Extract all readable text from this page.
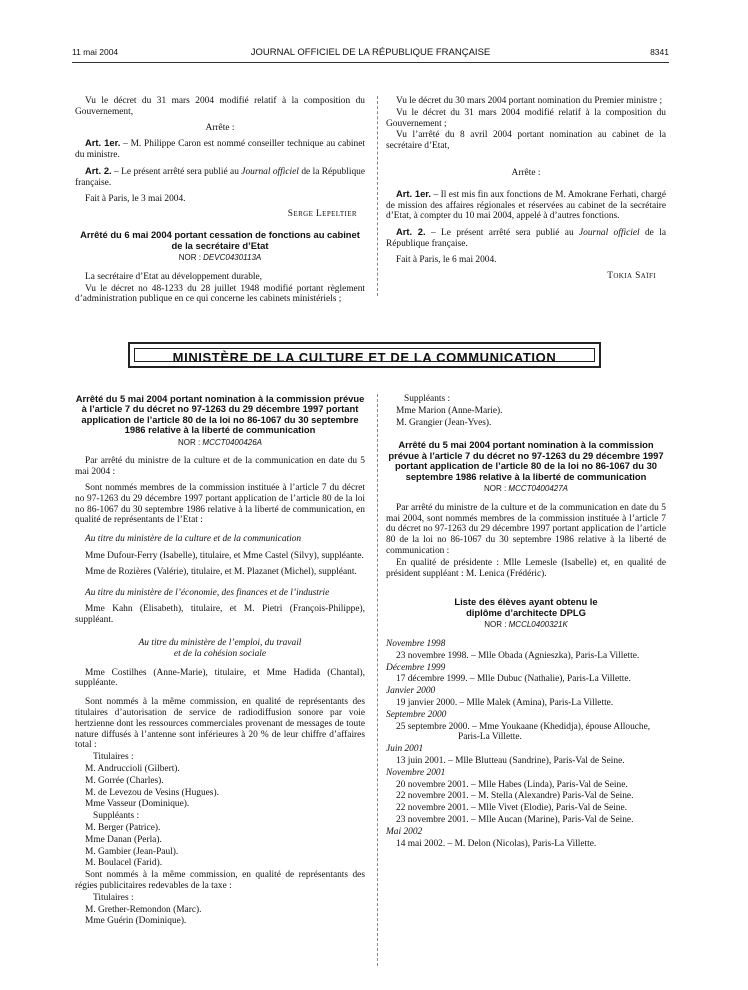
11 mai 2004	JOURNAL OFFICIEL DE LA RÉPUBLIQUE FRANÇAISE	8341

Vu le décret du 31 mars 2004 modifié relatif à la composition du Gouvernement,

Arrête :

Art. 1er. – M. Philippe Caron est nommé conseiller technique au cabinet du ministre.

Art. 2. – Le présent arrêté sera publié au Journal officiel de la République française.

Fait à Paris, le 3 mai 2004.

Serge Lepeltier

Arrêté du 6 mai 2004 portant cessation de fonctions au cabinet de la secrétaire d’Etat
NOR : DEVC0430113A

La secrétaire d’Etat au développement durable,

Vu le décret no 48-1233 du 28 juillet 1948 modifié portant règlement d’administration publique en ce qui concerne les cabinets ministériels ;

Vu le décret du 30 mars 2004 portant nomination du Premier ministre ;

Vu le décret du 31 mars 2004 modifié relatif à la composition du Gouvernement ;

Vu l’arrêté du 8 avril 2004 portant nomination au cabinet de la secrétaire d’Etat,

Arrête :

Art. 1er. – Il est mis fin aux fonctions de M. Amokrane Ferhati, chargé de mission des affaires régionales et réservées au cabinet de la secrétaire d’Etat, à compter du 10 mai 2004, appelé à d’autres fonctions.

Art. 2. – Le présent arrêté sera publié au Journal officiel de la République française.

Fait à Paris, le 6 mai 2004.

Tokia Saïfi

MINISTÈRE DE LA CULTURE ET DE LA COMMUNICATION
Arrêté du 5 mai 2004 portant nomination à la commission prévue à l’article 7 du décret no 97-1263 du 29 décembre 1997 portant application de l’article 80 de la loi no 86-1067 du 30 septembre 1986 relative à la liberté de communication
NOR : MCCT0400426A

Par arrêté du ministre de la culture et de la communication en date du 5 mai 2004 :

Sont nommés membres de la commission instituée à l’article 7 du décret no 97-1263 du 29 décembre 1997 portant application de l’article 80 de la loi no 86-1067 du 30 septembre 1986 relative à la liberté de communication, en qualité de représentants de l’Etat :

Au titre du ministère de la culture et de la communication

Mme Dufour-Ferry (Isabelle), titulaire, et Mme Castel (Silvy), suppléante.

Mme de Rozières (Valérie), titulaire, et M. Plazanet (Michel), suppléant.

Au titre du ministère de l’économie, des finances et de l’industrie

Mme Kahn (Elisabeth), titulaire, et M. Pietri (François-Philippe), suppléant.

Au titre du ministère de l’emploi, du travail

et de la cohésion sociale

Mme Costilhes (Anne-Marie), titulaire, et Mme Hadida (Chantal), suppléante.

Sont nommés à la même commission, en qualité de représentants des titulaires d’autorisation de service de radiodiffusion sonore par voie hertzienne dont les ressources commerciales provenant de messages de toute nature diffusés à l’antenne sont inférieures à 20 % de leur chiffre d’affaires total :

Titulaires :

M. Andruccioli (Gilbert).

M. Gorrée (Charles).

M. de Levezou de Vesins (Hugues).

Mme Vasseur (Dominique).

Suppléants :

M. Berger (Patrice).

Mme Danan (Perla).

M. Gambier (Jean-Paul).

M. Boulacel (Farid).

Sont nommés à la même commission, en qualité de représentants des régies publicitaires redevables de la taxe :

Titulaires :

M. Grether-Remondon (Marc).

Mme Guérin (Dominique).

Suppléants :

Mme Marion (Anne-Marie).

M. Grangier (Jean-Yves).

Arrêté du 5 mai 2004 portant nomination à la commission prévue à l’article 7 du décret no 97-1263 du 29 décembre 1997 portant application de l’article 80 de la loi no 86-1067 du 30 septembre 1986 relative à la liberté de communication
NOR : MCCT0400427A

Par arrêté du ministre de la culture et de la communication en date du 5 mai 2004, sont nommés membres de la commission instituée à l’article 7 du décret no 97-1263 du 29 décembre 1997 portant application de l’article 80 de la loi no 86-1067 du 30 septembre 1986 relative à la liberté de communication :

En qualité de présidente : Mlle Lemesle (Isabelle) et, en qualité de président suppléant : M. Lenica (Frédéric).

Liste des élèves ayant obtenu le diplôme d’architecte DPLG
NOR : MCCL0400321K

Novembre 1998

23 novembre 1998. – Mlle Obada (Agnieszka), Paris-La Villette.

Décembre 1999

17 décembre 1999. – Mlle Dubuc (Nathalie), Paris-La Villette.

Janvier 2000

19 janvier 2000. – Mlle Malek (Amina), Paris-La Villette.

Septembre 2000

25 septembre 2000. – Mme Youkaane (Khedidja), épouse Allouche, Paris-La Villette.

Juin 2001

13 juin 2001. – Mlle Blutteau (Sandrine), Paris-Val de Seine.

Novembre 2001

20 novembre 2001. – Mlle Habes (Linda), Paris-Val de Seine.

22 novembre 2001. – M. Stella (Alexandre) Paris-Val de Seine.

22 novembre 2001. – Mlle Vivet (Elodie), Paris-Val de Seine.

23 novembre 2001. – Mlle Aucan (Marine), Paris-Val de Seine.

Mai 2002

14 mai 2002. – M. Delon (Nicolas), Paris-La Villette.
